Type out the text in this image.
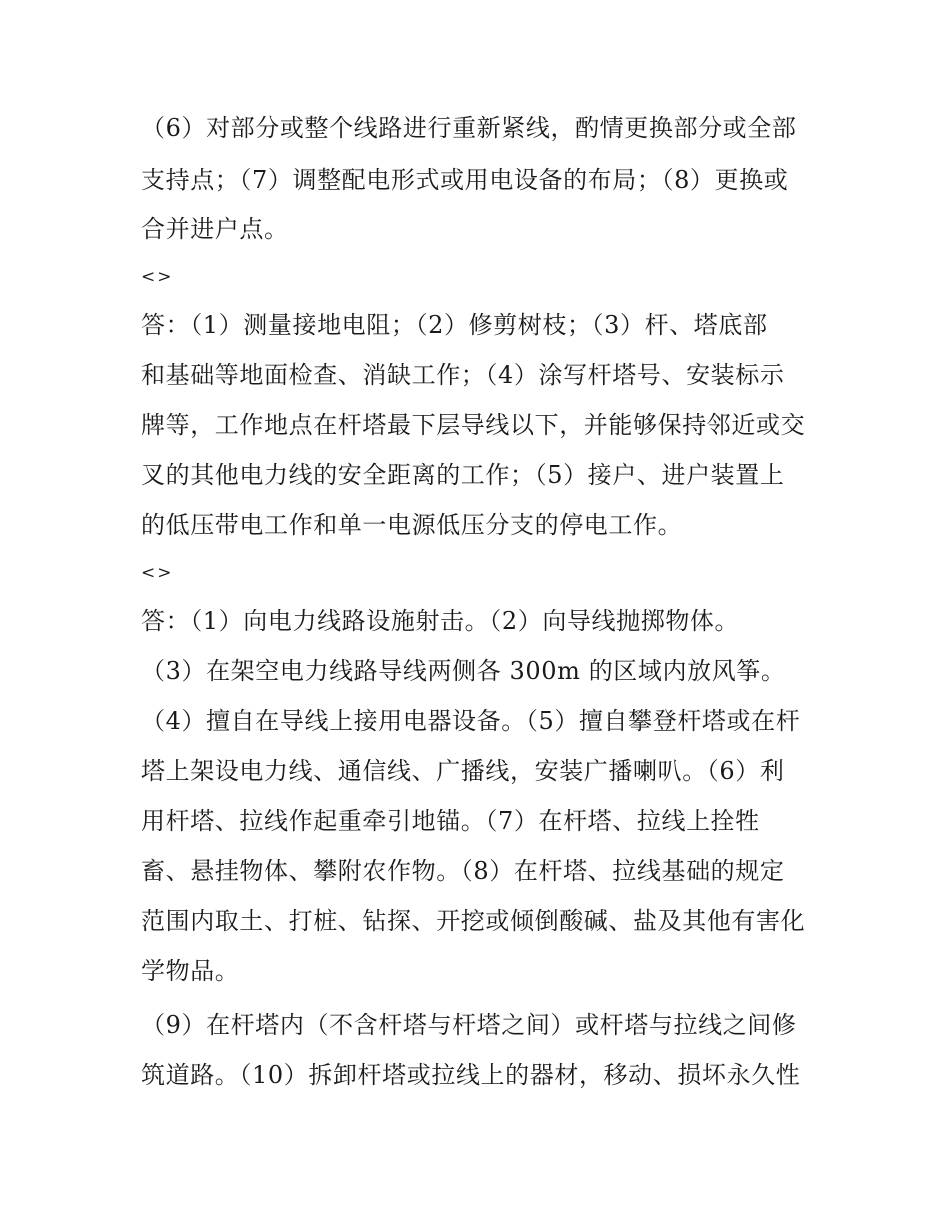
（6）对部分或整个线路进行重新紧线，酌情更换部分或全部
支持点；（7）调整配电形式或用电设备的布局；（8）更换或
合并进户点。
<>
答：（1）测量接地电阻；（2）修剪树枝；（3）杆、塔底部
和基础等地面检查、消缺工作；（4）涂写杆塔号、安装标示
牌等，工作地点在杆塔最下层导线以下，并能够保持邻近或交
叉的其他电力线的安全距离的工作；（5）接户、进户装置上
的低压带电工作和单一电源低压分支的停电工作。
<>
答：（1）向电力线路设施射击。（2）向导线抛掷物体。
（3）在架空电力线路导线两侧各 300m 的区域内放风筝。
（4）擅自在导线上接用电器设备。（5）擅自攀登杆塔或在杆
塔上架设电力线、通信线、广播线，安装广播喇叭。（6）利
用杆塔、拉线作起重牵引地锚。（7）在杆塔、拉线上拴牲
畜、悬挂物体、攀附农作物。（8）在杆塔、拉线基础的规定
范围内取土、打桩、钻探、开挖或倾倒酸碱、盐及其他有害化
学物品。
（9）在杆塔内（不含杆塔与杆塔之间）或杆塔与拉线之间修
筑道路。（10）拆卸杆塔或拉线上的器材，移动、损坏永久性
